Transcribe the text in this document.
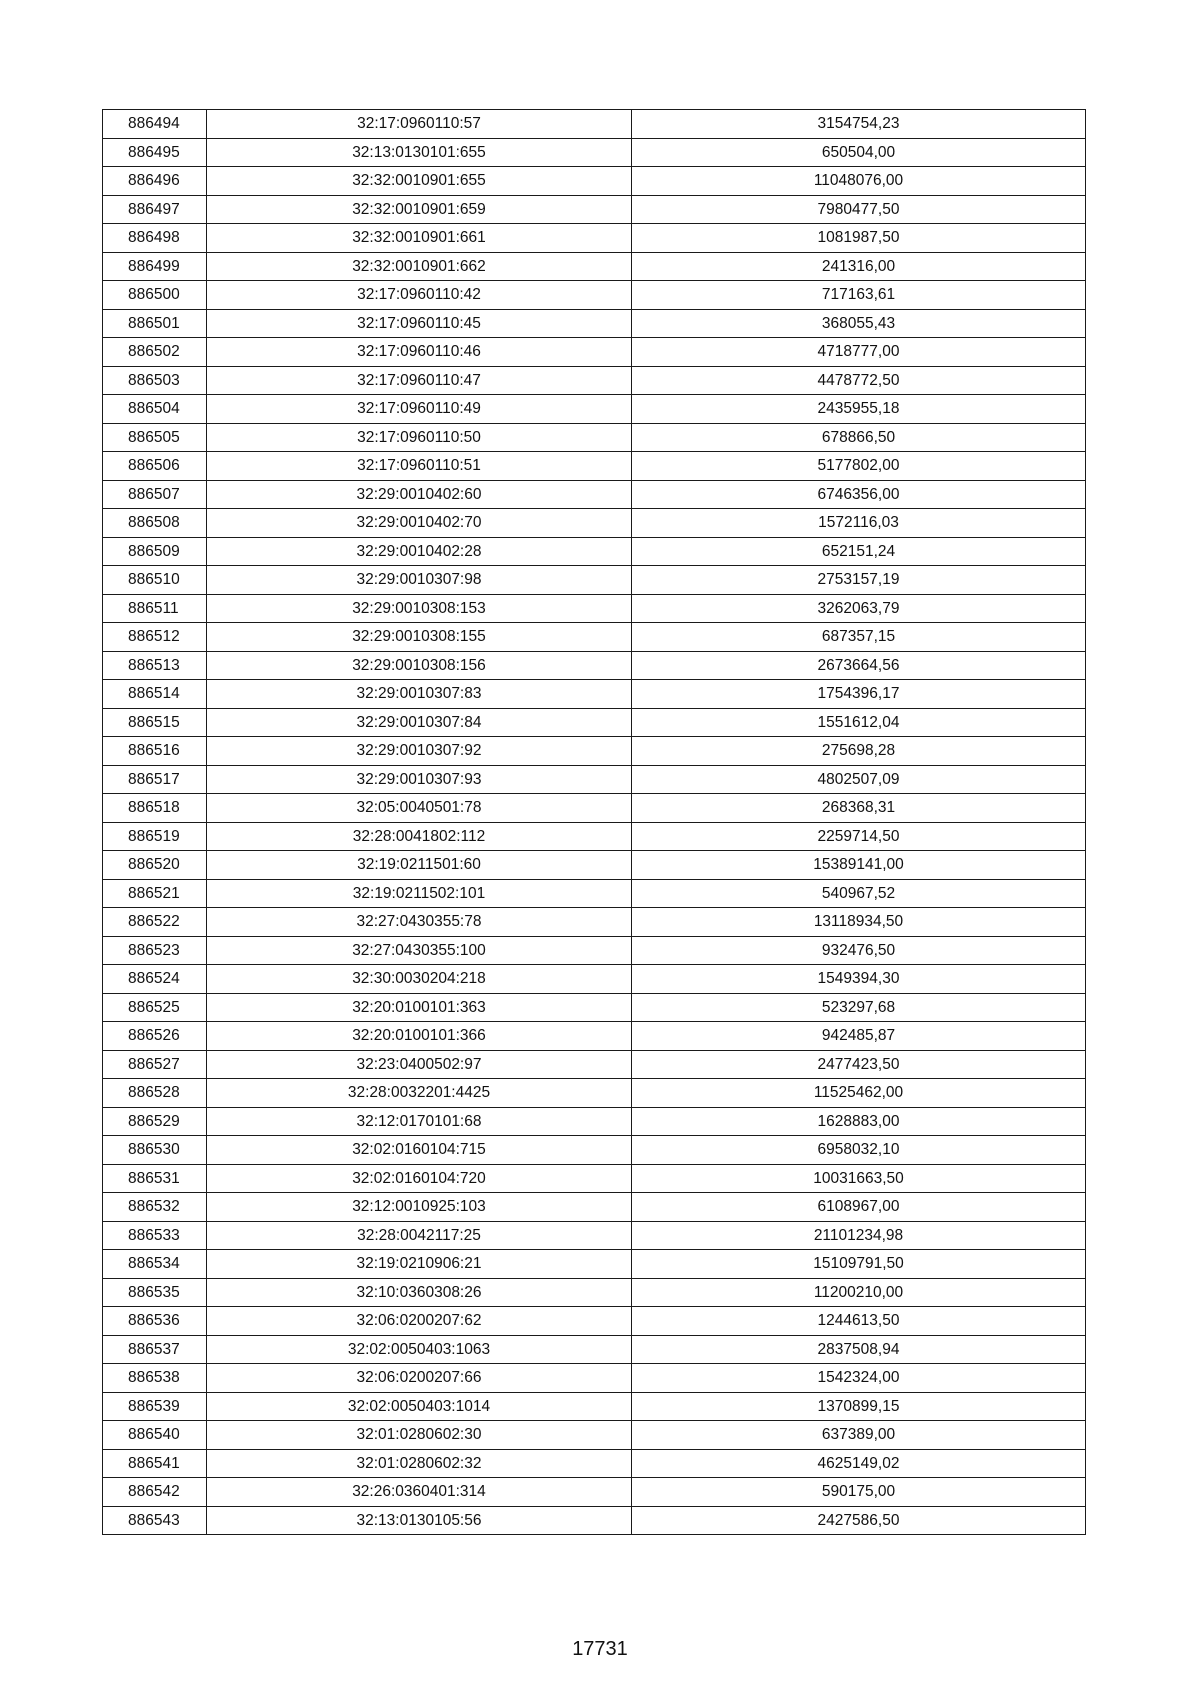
886494	32:17:0960110:57	3154754,23
886495	32:13:0130101:655	650504,00
886496	32:32:0010901:655	11048076,00
886497	32:32:0010901:659	7980477,50
886498	32:32:0010901:661	1081987,50
886499	32:32:0010901:662	241316,00
886500	32:17:0960110:42	717163,61
886501	32:17:0960110:45	368055,43
886502	32:17:0960110:46	4718777,00
886503	32:17:0960110:47	4478772,50
886504	32:17:0960110:49	2435955,18
886505	32:17:0960110:50	678866,50
886506	32:17:0960110:51	5177802,00
886507	32:29:0010402:60	6746356,00
886508	32:29:0010402:70	1572116,03
886509	32:29:0010402:28	652151,24
886510	32:29:0010307:98	2753157,19
886511	32:29:0010308:153	3262063,79
886512	32:29:0010308:155	687357,15
886513	32:29:0010308:156	2673664,56
886514	32:29:0010307:83	1754396,17
886515	32:29:0010307:84	1551612,04
886516	32:29:0010307:92	275698,28
886517	32:29:0010307:93	4802507,09
886518	32:05:0040501:78	268368,31
886519	32:28:0041802:112	2259714,50
886520	32:19:0211501:60	15389141,00
886521	32:19:0211502:101	540967,52
886522	32:27:0430355:78	13118934,50
886523	32:27:0430355:100	932476,50
886524	32:30:0030204:218	1549394,30
886525	32:20:0100101:363	523297,68
886526	32:20:0100101:366	942485,87
886527	32:23:0400502:97	2477423,50
886528	32:28:0032201:4425	11525462,00
886529	32:12:0170101:68	1628883,00
886530	32:02:0160104:715	6958032,10
886531	32:02:0160104:720	10031663,50
886532	32:12:0010925:103	6108967,00
886533	32:28:0042117:25	21101234,98
886534	32:19:0210906:21	15109791,50
886535	32:10:0360308:26	11200210,00
886536	32:06:0200207:62	1244613,50
886537	32:02:0050403:1063	2837508,94
886538	32:06:0200207:66	1542324,00
886539	32:02:0050403:1014	1370899,15
886540	32:01:0280602:30	637389,00
886541	32:01:0280602:32	4625149,02
886542	32:26:0360401:314	590175,00
886543	32:13:0130105:56	2427586,50
17731
